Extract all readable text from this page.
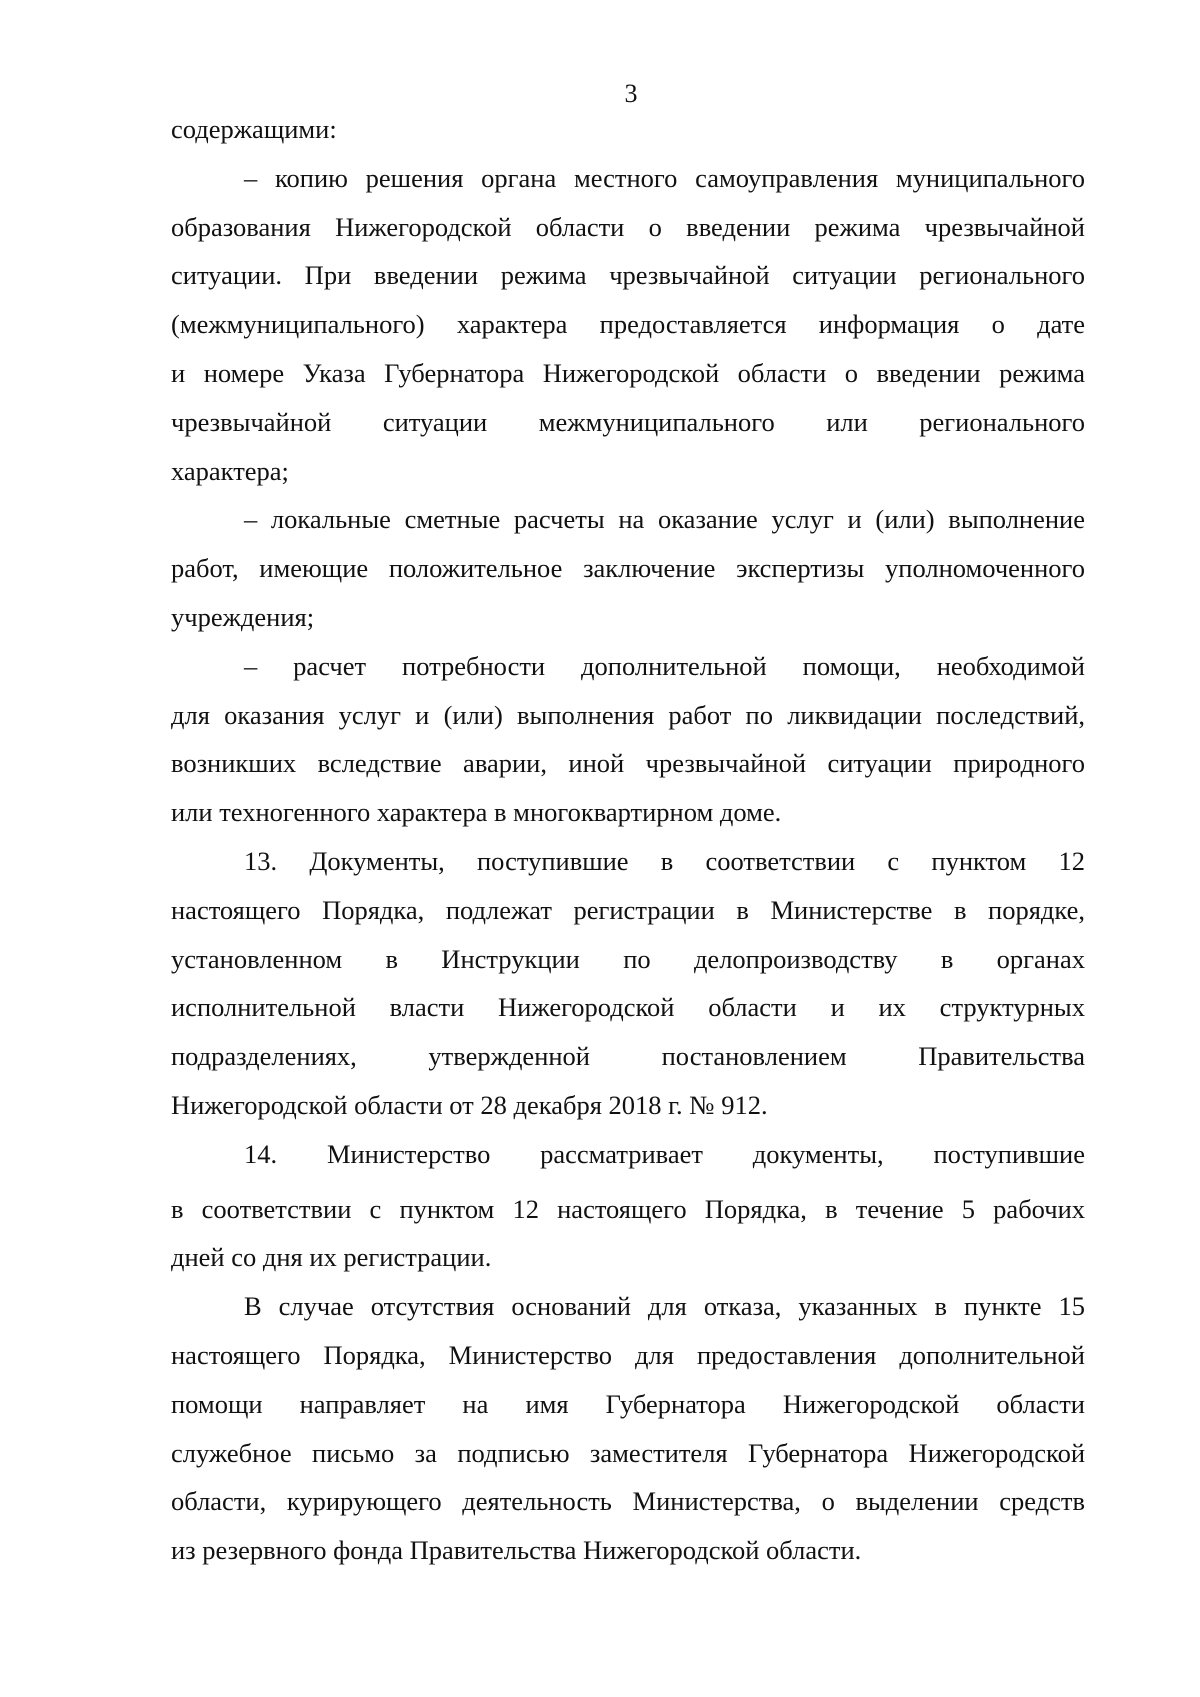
3
содержащими:
– копию решения органа местного самоуправления муниципального
образования Нижегородской области о введении режима чрезвычайной
ситуации. При введении режима чрезвычайной ситуации регионального
(межмуниципального) характера предоставляется информация о дате
и номере Указа Губернатора Нижегородской области о введении режима
чрезвычайной ситуации межмуниципального или регионального
характера;
– локальные сметные расчеты на оказание услуг и (или) выполнение
работ, имеющие положительное заключение экспертизы уполномоченного
учреждения;
– расчет потребности дополнительной помощи, необходимой
для оказания услуг и (или) выполнения работ по ликвидации последствий,
возникших вследствие аварии, иной чрезвычайной ситуации природного
или техногенного характера в многоквартирном доме.
13. Документы, поступившие в соответствии с пунктом 12
настоящего Порядка, подлежат регистрации в Министерстве в порядке,
установленном в Инструкции по делопроизводству в органах
исполнительной власти Нижегородской области и их структурных
подразделениях, утвержденной постановлением Правительства
Нижегородской области от 28 декабря 2018 г. № 912.
14. Министерство рассматривает документы, поступившие
в соответствии с пунктом 12 настоящего Порядка, в течение 5 рабочих
дней со дня их регистрации.
В случае отсутствия оснований для отказа, указанных в пункте 15
настоящего Порядка, Министерство для предоставления дополнительной
помощи направляет на имя Губернатора Нижегородской области
служебное письмо за подписью заместителя Губернатора Нижегородской
области, курирующего деятельность Министерства, о выделении средств
из резервного фонда Правительства Нижегородской области.
